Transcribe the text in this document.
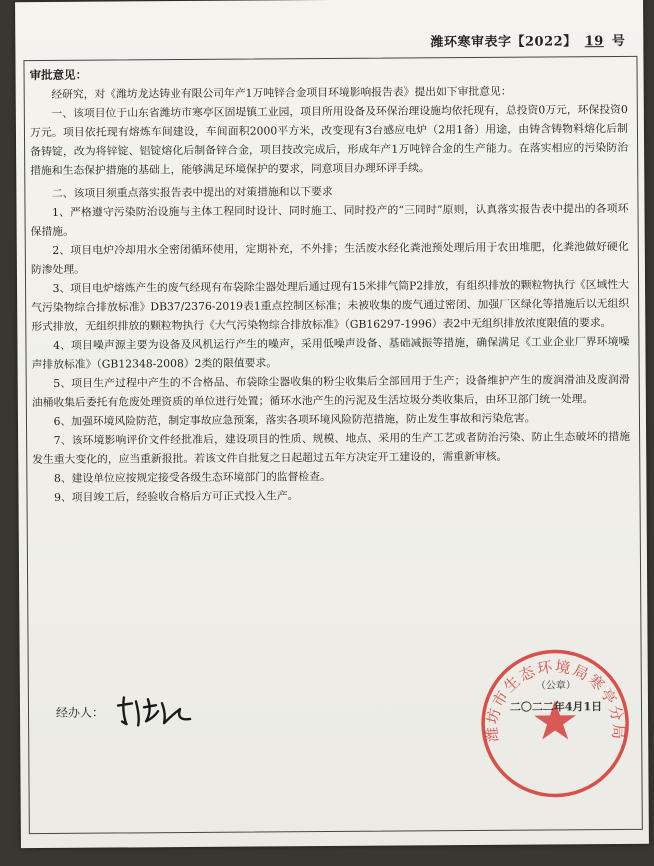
潍环寒审表字【2022】 19 号

审批意见：

经研究，对《潍坊龙达铸业有限公司年产1万吨锌合金项目环境影响报告表》提出如下审批意见：

一、该项目位于山东省潍坊市寒亭区固堤镇工业园，项目所用设备及环保治理设施均依托现有，总投资0万元，环保投资0万元。项目依托现有熔炼车间建设，车间面积2000平方米，改变现有3台感应电炉（2用1备）用途，由铸含铸物料熔化后制备铸锭，改为将锌锭、铝锭熔化后制备锌合金，项目技改完成后，形成年产1万吨锌合金的生产能力。在落实相应的污染防治措施和生态保护措施的基础上，能够满足环境保护的要求，同意项目办理环评手续。

二、该项目须重点落实报告表中提出的对策措施和以下要求

1、严格遵守污染防治设施与主体工程同时设计、同时施工、同时投产的“三同时”原则，认真落实报告表中提出的各项环保措施。

2、项目电炉冷却用水全密闭循环使用，定期补充，不外排；生活废水经化粪池预处理后用于农田堆肥，化粪池做好硬化防渗处理。

3、项目电炉熔炼产生的废气经现有布袋除尘器处理后通过现有15米排气筒P2排放，有组织排放的颗粒物执行《区域性大气污染物综合排放标准》DB37/2376-2019表1重点控制区标准；未被收集的废气通过密闭、加强厂区绿化等措施后以无组织形式排放，无组织排放的颗粒物执行《大气污染物综合排放标准》（GB16297-1996）表2中无组织排放浓度限值的要求。

4、项目噪声源主要为设备及风机运行产生的噪声，采用低噪声设备、基础减振等措施，确保满足《工业企业厂界环境噪声排放标准》（GB12348-2008）2类的限值要求。

5、项目生产过程中产生的不合格品、布袋除尘器收集的粉尘收集后全部回用于生产；设备维护产生的废润滑油及废润滑油桶收集后委托有危废处理资质的单位进行处置；循环水池产生的污泥及生活垃圾分类收集后，由环卫部门统一处理。

6、加强环境风险防范，制定事故应急预案，落实各项环境风险防范措施，防止发生事故和污染危害。

7、该环境影响评价文件经批准后，建设项目的性质、规模、地点、采用的生产工艺或者防治污染、防止生态破坏的措施发生重大变化的，应当重新报批。若该文件自批复之日起超过五年方决定开工建设的，需重新审核。

8、建设单位应按规定接受各级生态环境部门的监督检查。

9、项目竣工后，经验收合格后方可正式投入生产。

经办人：
潍坊市生态环境局寒亭分局
（公章）
二〇二二年4月1日
